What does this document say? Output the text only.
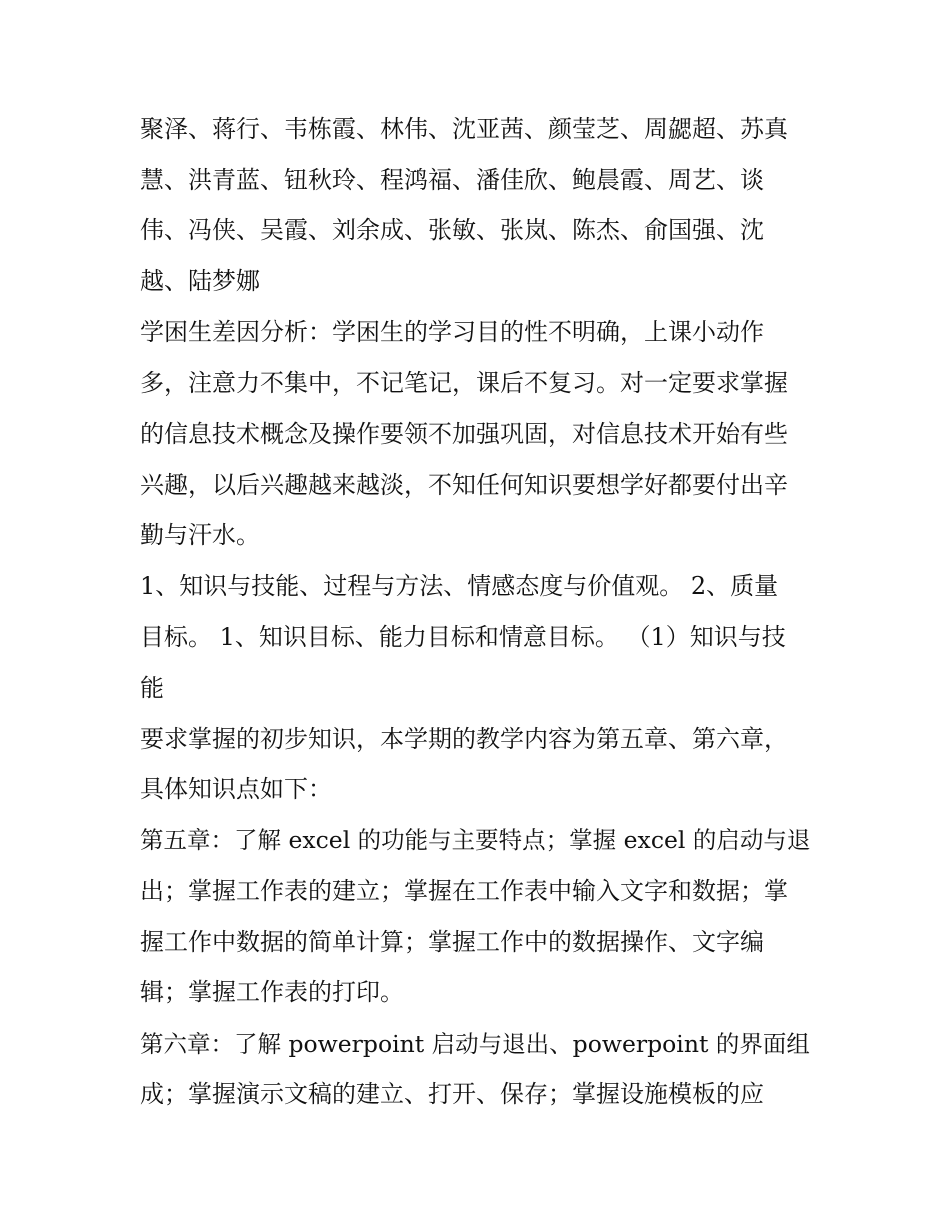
聚泽、蒋行、韦栋霞、林伟、沈亚茜、颜莹芝、周勰超、苏真

慧、洪青蓝、钮秋玲、程鸿福、潘佳欣、鲍晨霞、周艺、谈

伟、冯侠、吴霞、刘余成、张敏、张岚、陈杰、俞国强、沈

越、陆梦娜

学困生差因分析：学困生的学习目的性不明确，上课小动作

多，注意力不集中，不记笔记，课后不复习。对一定要求掌握

的信息技术概念及操作要领不加强巩固，对信息技术开始有些

兴趣，以后兴趣越来越淡，不知任何知识要想学好都要付出辛

勤与汗水。

1、知识与技能、过程与方法、情感态度与价值观。 2、质量

目标。 1、知识目标、能力目标和情意目标。 （1）知识与技

能

要求掌握的初步知识，本学期的教学内容为第五章、第六章，

具体知识点如下：

第五章：了解 excel 的功能与主要特点；掌握 excel 的启动与退

出；掌握工作表的建立；掌握在工作表中输入文字和数据；掌

握工作中数据的简单计算；掌握工作中的数据操作、文字编

辑；掌握工作表的打印。

第六章：了解 powerpoint 启动与退出、powerpoint 的界面组

成；掌握演示文稿的建立、打开、保存；掌握设施模板的应
